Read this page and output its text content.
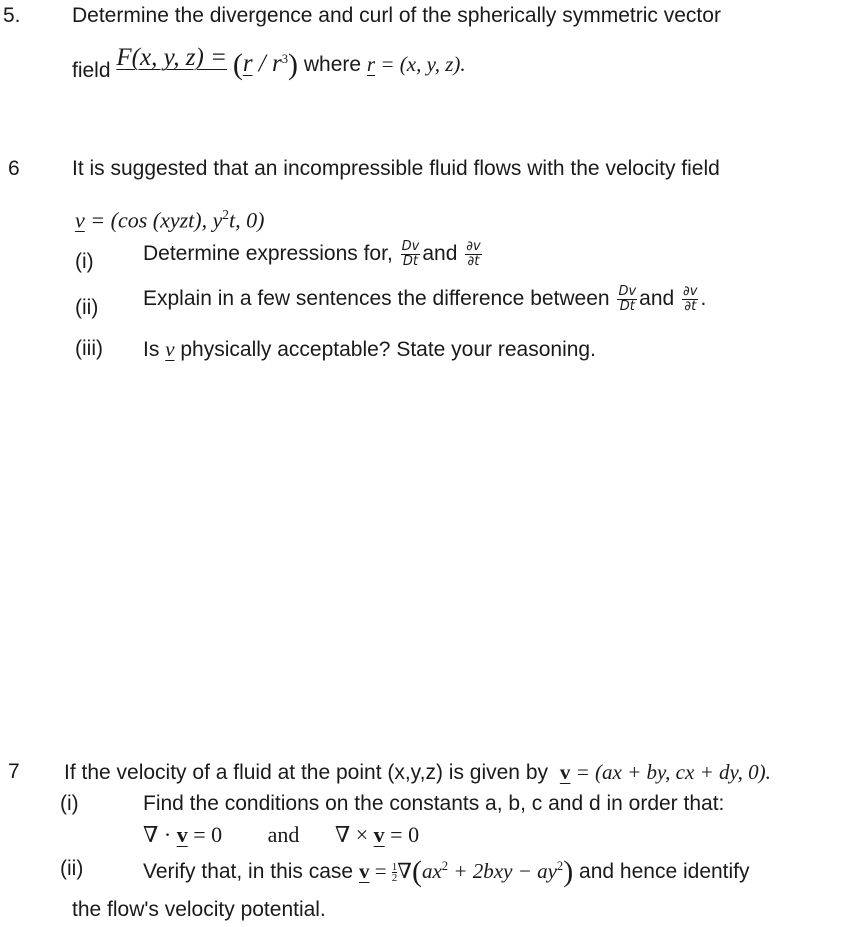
5. Determine the divergence and curl of the spherically symmetric vector
field F(x, y, $z) = (r / r^3)$ where r = (x, y, z).
6 It is suggested that an incompressible fluid flows with the velocity field
v = (cos (xyzt), $y^2t$, 0)
(i) Determine expressions for, $\frac{Dv}{Dt}$ and $\frac{\partial v}{\partial t}$
(ii) Explain in a few sentences the difference between $\frac{Dv}{Dt}$ and $\frac{\partial v}{\partial t}$ .
(iii) Is v physically acceptable? State your reasoning.
7 If the velocity of a fluid at the point (x,y,z) is given by v = (ax + by, cx + dy, 0).
(i)	Find the conditions on the constants a, b, c and d in order that:
∇ · v = 0 and ∇ × v = 0
(ii)	Verify that, in this case $v = \frac{1}{2} \nabla(ax^2 + 2bxy - ay^2)$ and hence identify
the flow's velocity potential.
